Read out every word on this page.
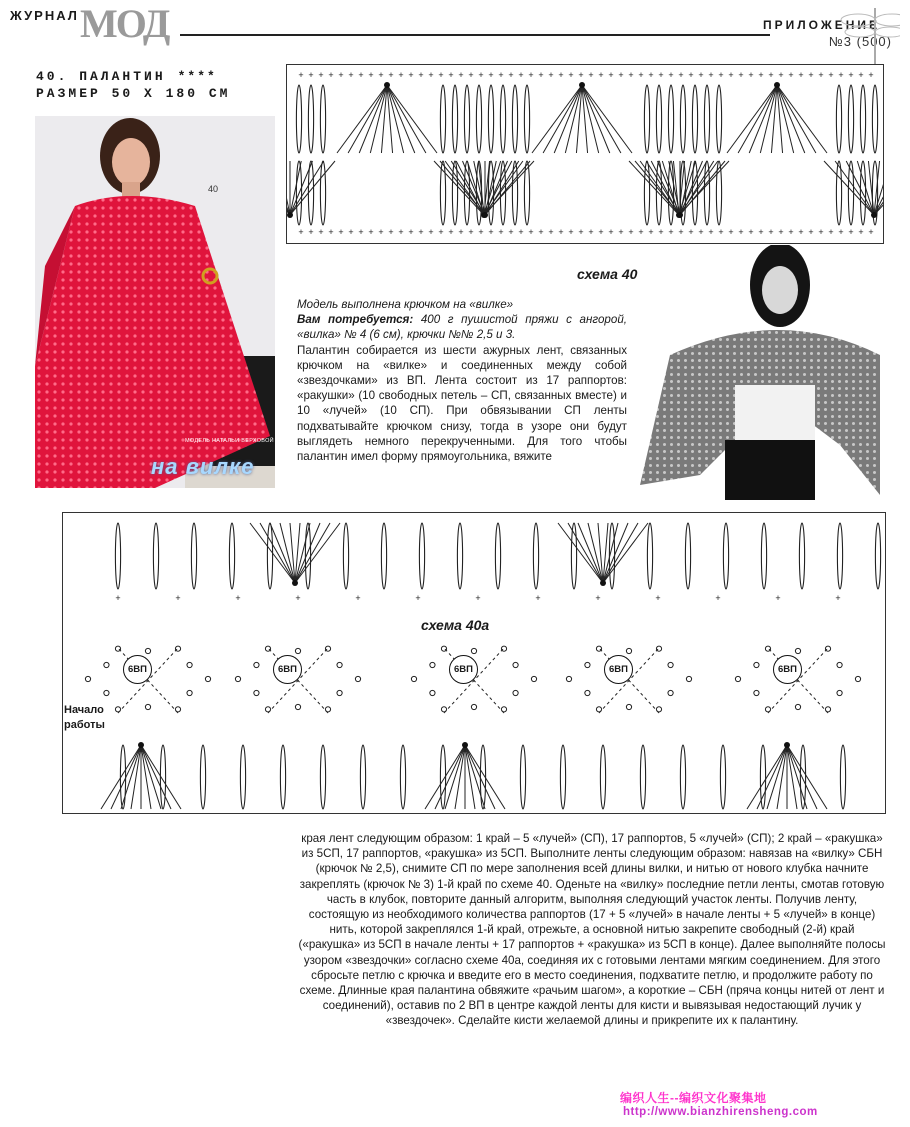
ЖУРНАЛ МОД	ПРИЛОЖЕНИЕ
№3 (500)
40. ПАЛАНТИН ****
РАЗМЕР 50 X 180 СМ
40
МОДЕЛЬ НАТАЛЬИ ВЕРХОВОЙ
на вилке
+
+
+
+
+
+
+
+
+
+
+
+
+
+
+
+
+
+
+
+
+
+
+
+
+
+
+
+
+
+
+
+
+
+
+
+
+
+
+
+
+
+
+
+
+
+
+
+
+
+
+
+
+
+
+
+
+
+
+
+
+
+
+
+
+
+
+
+
+
+
+
+
+
+
+
+
+
+
+
+
+
+
+
+
+
+
+
+
+
+
+
+
+
+
+
+
+
+
+
+
+
+
+
+
+
+
+
+
+
+
+
+
+
+
+
+
схема 40
Модель выполнена крючком на «вилке»
Вам потребуется: 400 г пушистой пряжи с ангорой, «вилка» № 4 (6 см), крючки №№ 2,5 и 3.
Палантин собирается из шести ажурных лент, связанных крючком на «вилке» и соединенных между собой «звездочками» из ВП. Лента состоит из 17 раппортов: «ракушки» (10 свободных петель – СП, связанных вместе) и 10 «лучей» (10 СП). При обвязывании СП ленты подхватывайте крючком снизу, тогда в узоре они будут выглядеть немного перекрученными. Для того чтобы палантин имел форму прямоугольника, вяжите
+	+	+	+	+	+	+	+	+	+	+	+	+
схема 40а
Начало работы
6ВП	6ВП	6ВП	6ВП	6ВП
края лент следующим образом: 1 край – 5 «лучей» (СП), 17 раппортов, 5 «лучей» (СП); 2 край – «ракушка» из 5СП, 17 раппортов, «ракушка» из 5СП. Выполните ленты следующим образом: навязав на «вилку» СБН (крючок № 2,5), снимите СП по мере заполнения всей длины вилки, и нитью от нового клубка начните закреплять (крючок № 3) 1-й край по схеме 40. Оденьте на «вилку» последние петли ленты, смотав готовую часть в клубок, повторите данный алгоритм, выполняя следующий участок ленты. Получив ленту, состоящую из необходимого количества раппортов (17 + 5 «лучей» в начале ленты + 5 «лучей» в конце) нить, которой закреплялся 1-й край, отрежьте, а основной нитью закрепите свободный (2-й) край («ракушка» из 5СП в начале ленты + 17 раппортов + «ракушка» из 5СП в конце). Далее выполняйте полосы узором «звездочки» согласно схеме 40а, соединяя их с готовыми лентами мягким соединением. Для этого сбросьте петлю с крючка и введите его в место соединения, подхватите петлю, и продолжите работу по схеме. Длинные края палантина обвяжите «рачьим шагом», а короткие – СБН (пряча концы нитей от лент и соединений), оставив по 2 ВП в центре каждой ленты для кисти и вывязывая недостающий лучик у «звездочек». Сделайте кисти желаемой длины и прикрепите их к палантину.
编织人生--编织文化聚集地
http://www.bianzhirensheng.com
